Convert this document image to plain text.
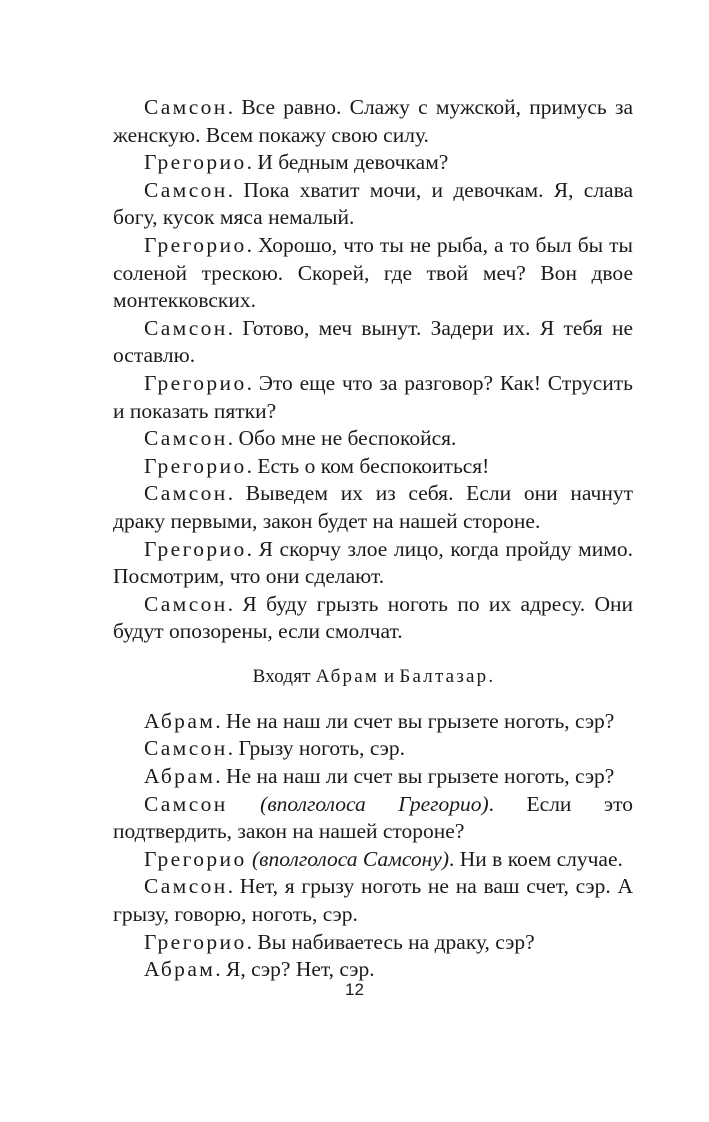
Самсон. Все равно. Слажу с мужской, примусь за женскую. Всем покажу свою силу.

Грегорио. И бедным девочкам?

Самсон. Пока хватит мочи, и девочкам. Я, слава богу, кусок мяса немалый.

Грегорио. Хорошо, что ты не рыба, а то был бы ты соленой трескою. Скорей, где твой меч? Вон двое монтекковских.

Самсон. Готово, меч вынут. Задери их. Я тебя не оставлю.

Грегорио. Это еще что за разговор? Как! Струсить и показать пятки?

Самсон. Обо мне не беспокойся.

Грегорио. Есть о ком беспокоиться!

Самсон. Выведем их из себя. Если они начнут драку первыми, закон будет на нашей стороне.

Грегорио. Я скорчу злое лицо, когда пройду мимо. Посмотрим, что они сделают.

Самсон. Я буду грызть ноготь по их адресу. Они будут опозорены, если смолчат.

Входят Абрам и Балтазар.

Абрам. Не на наш ли счет вы грызете ноготь, сэр?

Самсон. Грызу ноготь, сэр.

Абрам. Не на наш ли счет вы грызете ноготь, сэр?

Самсон (вполголоса Грегорио). Если это подтвердить, закон на нашей стороне?

Грегорио (вполголоса Самсону). Ни в коем случае.

Самсон. Нет, я грызу ноготь не на ваш счет, сэр. А грызу, говорю, ноготь, сэр.

Грегорио. Вы набиваетесь на драку, сэр?

Абрам. Я, сэр? Нет, сэр.

12
